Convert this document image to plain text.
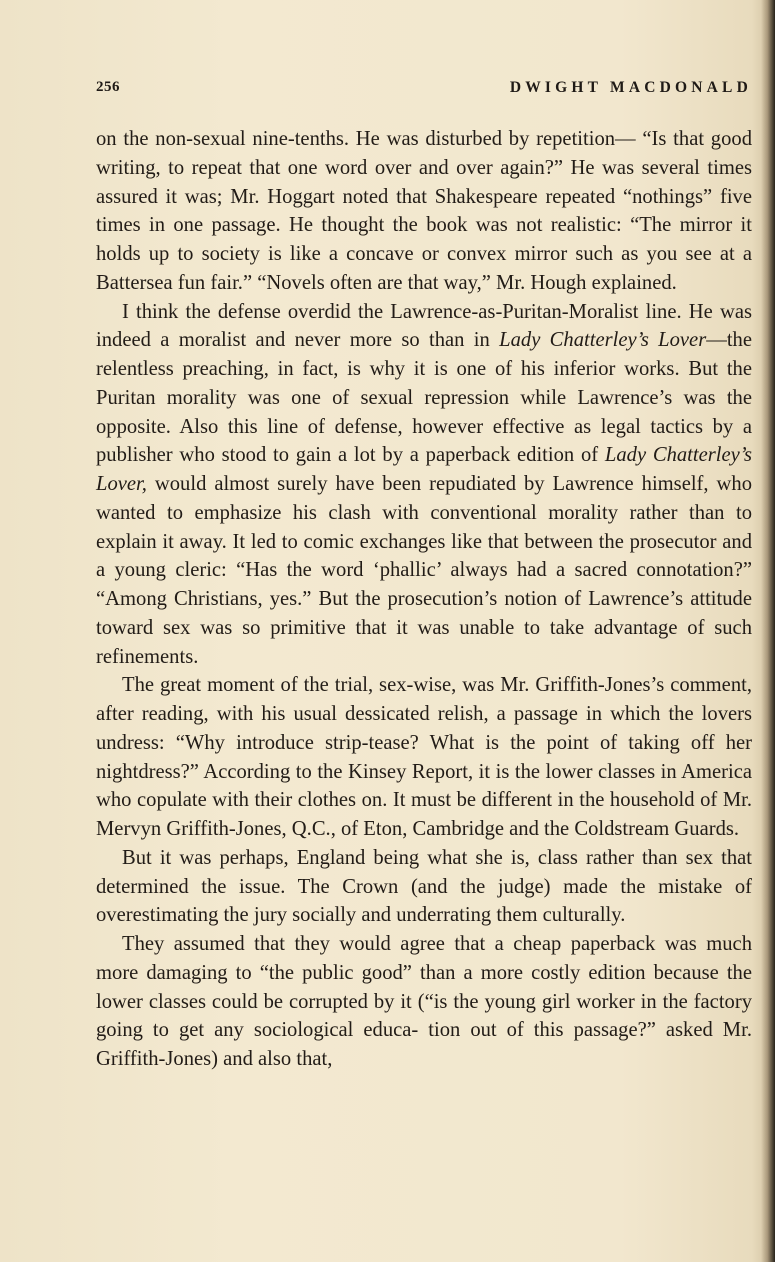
256	DWIGHT MACDONALD

on the non-sexual nine-tenths. He was disturbed by repetition— “Is that good writing, to repeat that one word over and over again?” He was several times assured it was; Mr. Hoggart noted that Shakespeare repeated “nothings” five times in one passage. He thought the book was not realistic: “The mirror it holds up to society is like a concave or convex mirror such as you see at a Battersea fun fair.” “Novels often are that way,” Mr. Hough explained.

I think the defense overdid the Lawrence-as-Puritan-Moralist line. He was indeed a moralist and never more so than in Lady Chatterley’s Lover—the relentless preaching, in fact, is why it is one of his inferior works. But the Puritan morality was one of sexual repression while Lawrence’s was the opposite. Also this line of defense, however effective as legal tactics by a publisher who stood to gain a lot by a paperback edition of Lady Chatterley’s Lover, would almost surely have been repudiated by Lawrence himself, who wanted to emphasize his clash with conventional morality rather than to explain it away. It led to comic exchanges like that between the prosecutor and a young cleric: “Has the word ‘phallic’ always had a sacred connotation?” “Among Christians, yes.” But the prosecution’s notion of Lawrence’s attitude toward sex was so primitive that it was unable to take advantage of such refinements.

The great moment of the trial, sex-wise, was Mr. Griffith-Jones’s comment, after reading, with his usual dessicated relish, a passage in which the lovers undress: “Why introduce strip-tease? What is the point of taking off her nightdress?” According to the Kinsey Report, it is the lower classes in America who copulate with their clothes on. It must be different in the household of Mr. Mervyn Griffith-Jones, Q.C., of Eton, Cambridge and the Coldstream Guards.

But it was perhaps, England being what she is, class rather than sex that determined the issue. The Crown (and the judge) made the mistake of overestimating the jury socially and underrating them culturally.

They assumed that they would agree that a cheap paperback was much more damaging to “the public good” than a more costly edition because the lower classes could be corrupted by it (“is the young girl worker in the factory going to get any sociological educa- tion out of this passage?” asked Mr. Griffith-Jones) and also that,
